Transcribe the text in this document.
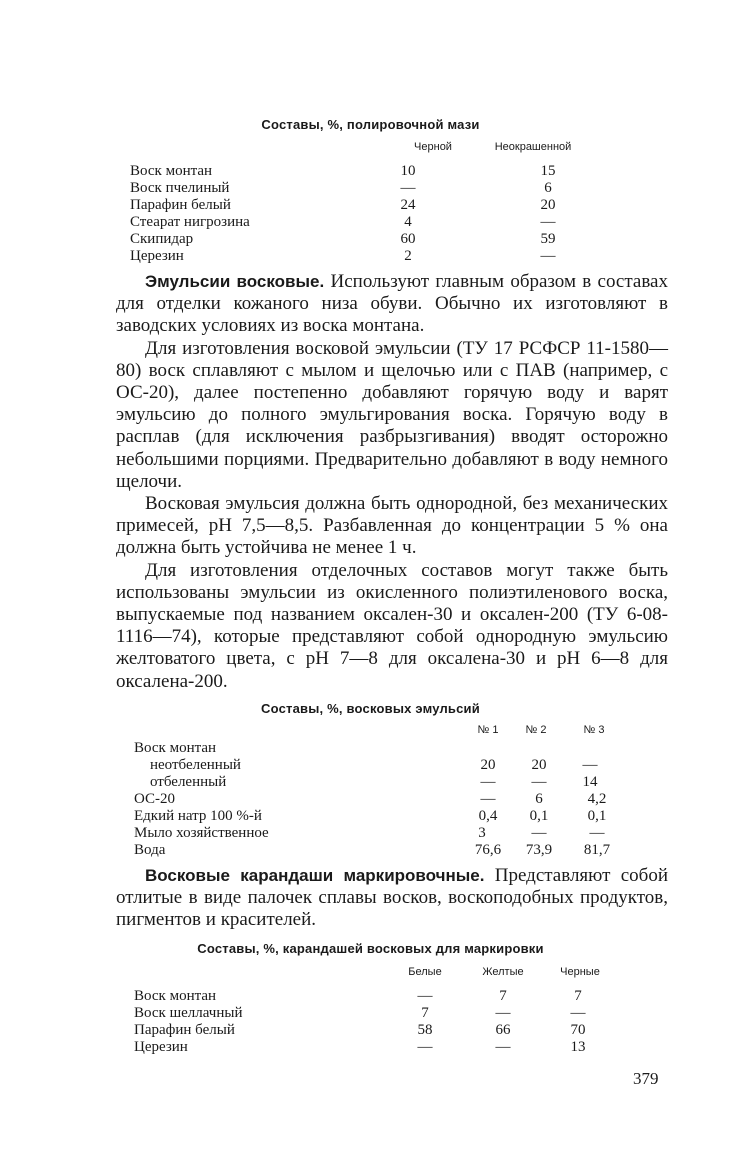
Составы, %, полировочной мази
Черной	Неокрашенной
Воск монтан	10	15
Воск пчелиный	—	6
Парафин белый	24	20
Стеарат нигрозина	4	—
Скипидар	60	59
Церезин	2	—

Эмульсии восковые. Используют главным образом в составах для отделки кожаного низа обуви. Обычно их изготовляют в заводских условиях из воска монтана.

Для изготовления восковой эмульсии (ТУ 17 РСФСР 11-1580—80) воск сплавляют с мылом и щелочью или с ПАВ (например, с ОС-20), далее постепенно добавляют горячую воду и варят эмульсию до полного эмульгирования воска. Горячую воду в расплав (для исключения разбрызгивания) вводят осторожно небольшими порциями. Предварительно добавляют в воду немного щелочи.

Восковая эмульсия должна быть однородной, без механических примесей, pH 7,5—8,5. Разбавленная до концентрации 5 % она должна быть устойчива не менее 1 ч.

Для изготовления отделочных составов могут также быть использованы эмульсии из окисленного полиэтиленового воска, выпускаемые под названием оксален-30 и оксален-200 (ТУ 6-08-1116—74), которые представляют собой однородную эмульсию желтоватого цвета, с pH 7—8 для оксалена-30 и pH 6—8 для оксалена-200.

Составы, %, восковых эмульсий
№ 1	№ 2	№ 3
Воск монтан
неотбеленный	20	20	—
отбеленный	—	—	14
ОС-20	—	6	4,2
Едкий натр 100 %-й	0,4	0,1	0,1
Мыло хозяйственное	3	—	—
Вода	76,6	73,9	81,7

Восковые карандаши маркировочные. Представляют собой отлитые в виде палочек сплавы восков, воскоподобных продуктов, пигментов и красителей.

Составы, %, карандашей восковых для маркировки
Белые	Желтые	Черные
Воск монтан	—	7	7
Воск шеллачный	7	—	—
Парафин белый	58	66	70
Церезин	—	—	13
379
